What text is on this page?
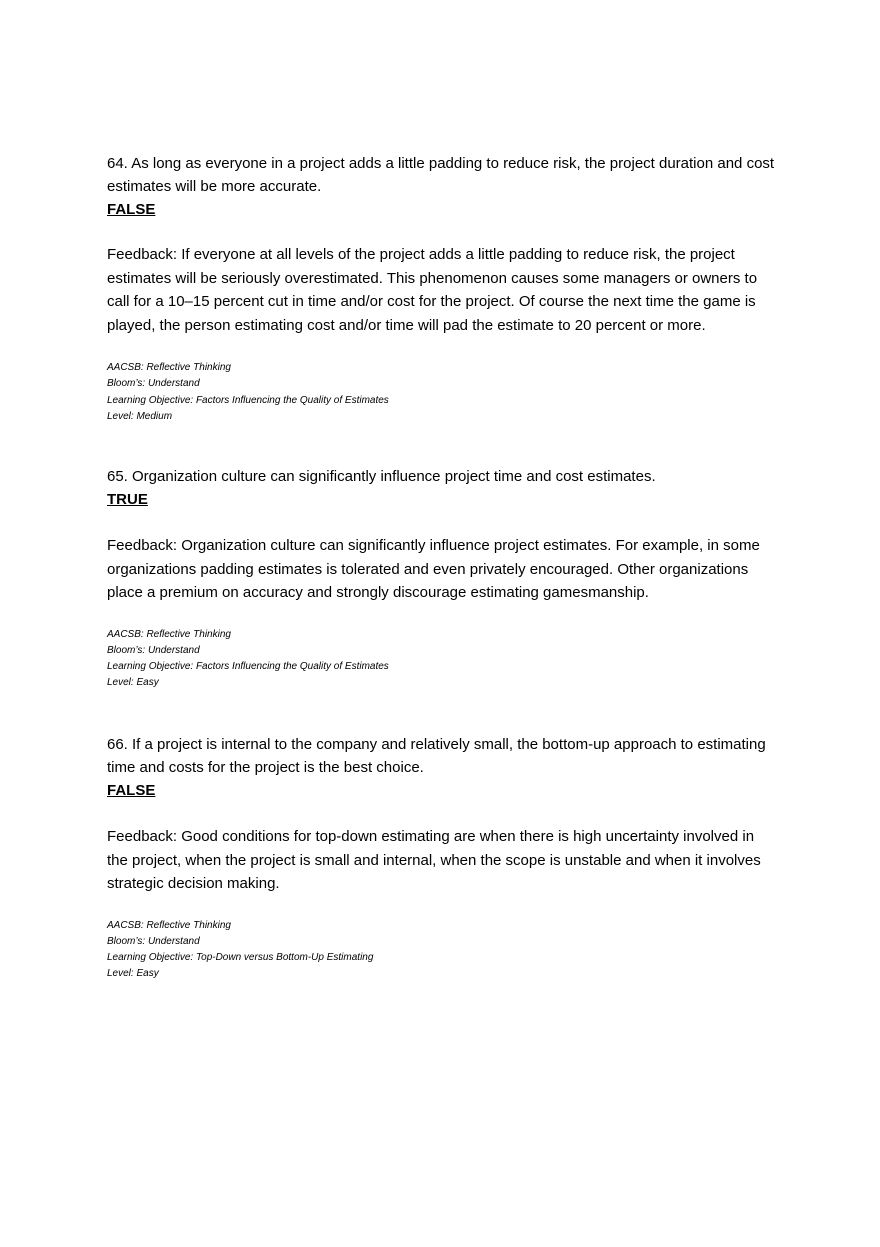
64. As long as everyone in a project adds a little padding to reduce risk, the project duration and cost estimates will be more accurate.

FALSE

Feedback: If everyone at all levels of the project adds a little padding to reduce risk, the project estimates will be seriously overestimated. This phenomenon causes some managers or owners to call for a 10–15 percent cut in time and/or cost for the project. Of course the next time the game is played, the person estimating cost and/or time will pad the estimate to 20 percent or more.

AACSB: Reflective Thinking
Bloom’s: Understand
Learning Objective: Factors Influencing the Quality of Estimates
Level: Medium

65. Organization culture can significantly influence project time and cost estimates.

TRUE

Feedback: Organization culture can significantly influence project estimates. For example, in some organizations padding estimates is tolerated and even privately encouraged. Other organizations place a premium on accuracy and strongly discourage estimating gamesmanship.

AACSB: Reflective Thinking
Bloom’s: Understand
Learning Objective: Factors Influencing the Quality of Estimates
Level: Easy

66. If a project is internal to the company and relatively small, the bottom-up approach to estimating time and costs for the project is the best choice.

FALSE

Feedback: Good conditions for top-down estimating are when there is high uncertainty involved in the project, when the project is small and internal, when the scope is unstable and when it involves strategic decision making.

AACSB: Reflective Thinking
Bloom’s: Understand
Learning Objective: Top-Down versus Bottom-Up Estimating
Level: Easy
